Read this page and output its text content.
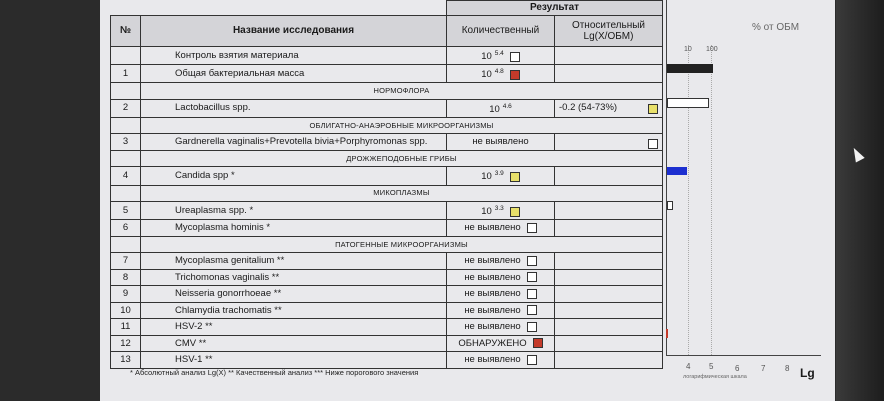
		Результат	
№	Название исследования	Количественный	Относительный Lg(X/ОБМ)
	Контроль взятия материала	10 $^{5.4}$	
1	Общая бактериальная масса	10 $^{4.8}$	
	НОРМОФЛОРА		
2	Lactobacillus spp.	10 $^{4.6}$	-0.2 (54-73%)

	ОБЛИГАТНО-АНАЭРОБНЫЕ МИКРООРГАНИЗМЫ		
3	Gardnerella vaginalis+Prevotella bivia+Porphyromonas spp.	не выявлено	

	ДРОЖЖЕПОДОБНЫЕ ГРИБЫ		
4	Candida spp *	10 $^{3.9}$	
	МИКОПЛАЗМЫ		
5	Ureaplasma spp. *	10 $^{3.3}$	
6	Mycoplasma hominis *	не выявлено	
	ПАТОГЕННЫЕ МИКРООРГАНИЗМЫ		
7	Mycoplasma genitalium **	не выявлено	
8	Trichomonas vaginalis **	не выявлено	
9	Neisseria gonorrhoeae **	не выявлено	
10	Chlamydia trachomatis **	не выявлено	
11	HSV-2 **	не выявлено	
12	CMV **	ОБНАРУЖЕНО	
13	HSV-1 **	не выявлено	
10 100
% от ОБМ
4 5	6	7 8
логарифмическая шкала	Lg
* Абсолютный анализ Lg(X) ** Качественный анализ *** Ниже порогового значения
